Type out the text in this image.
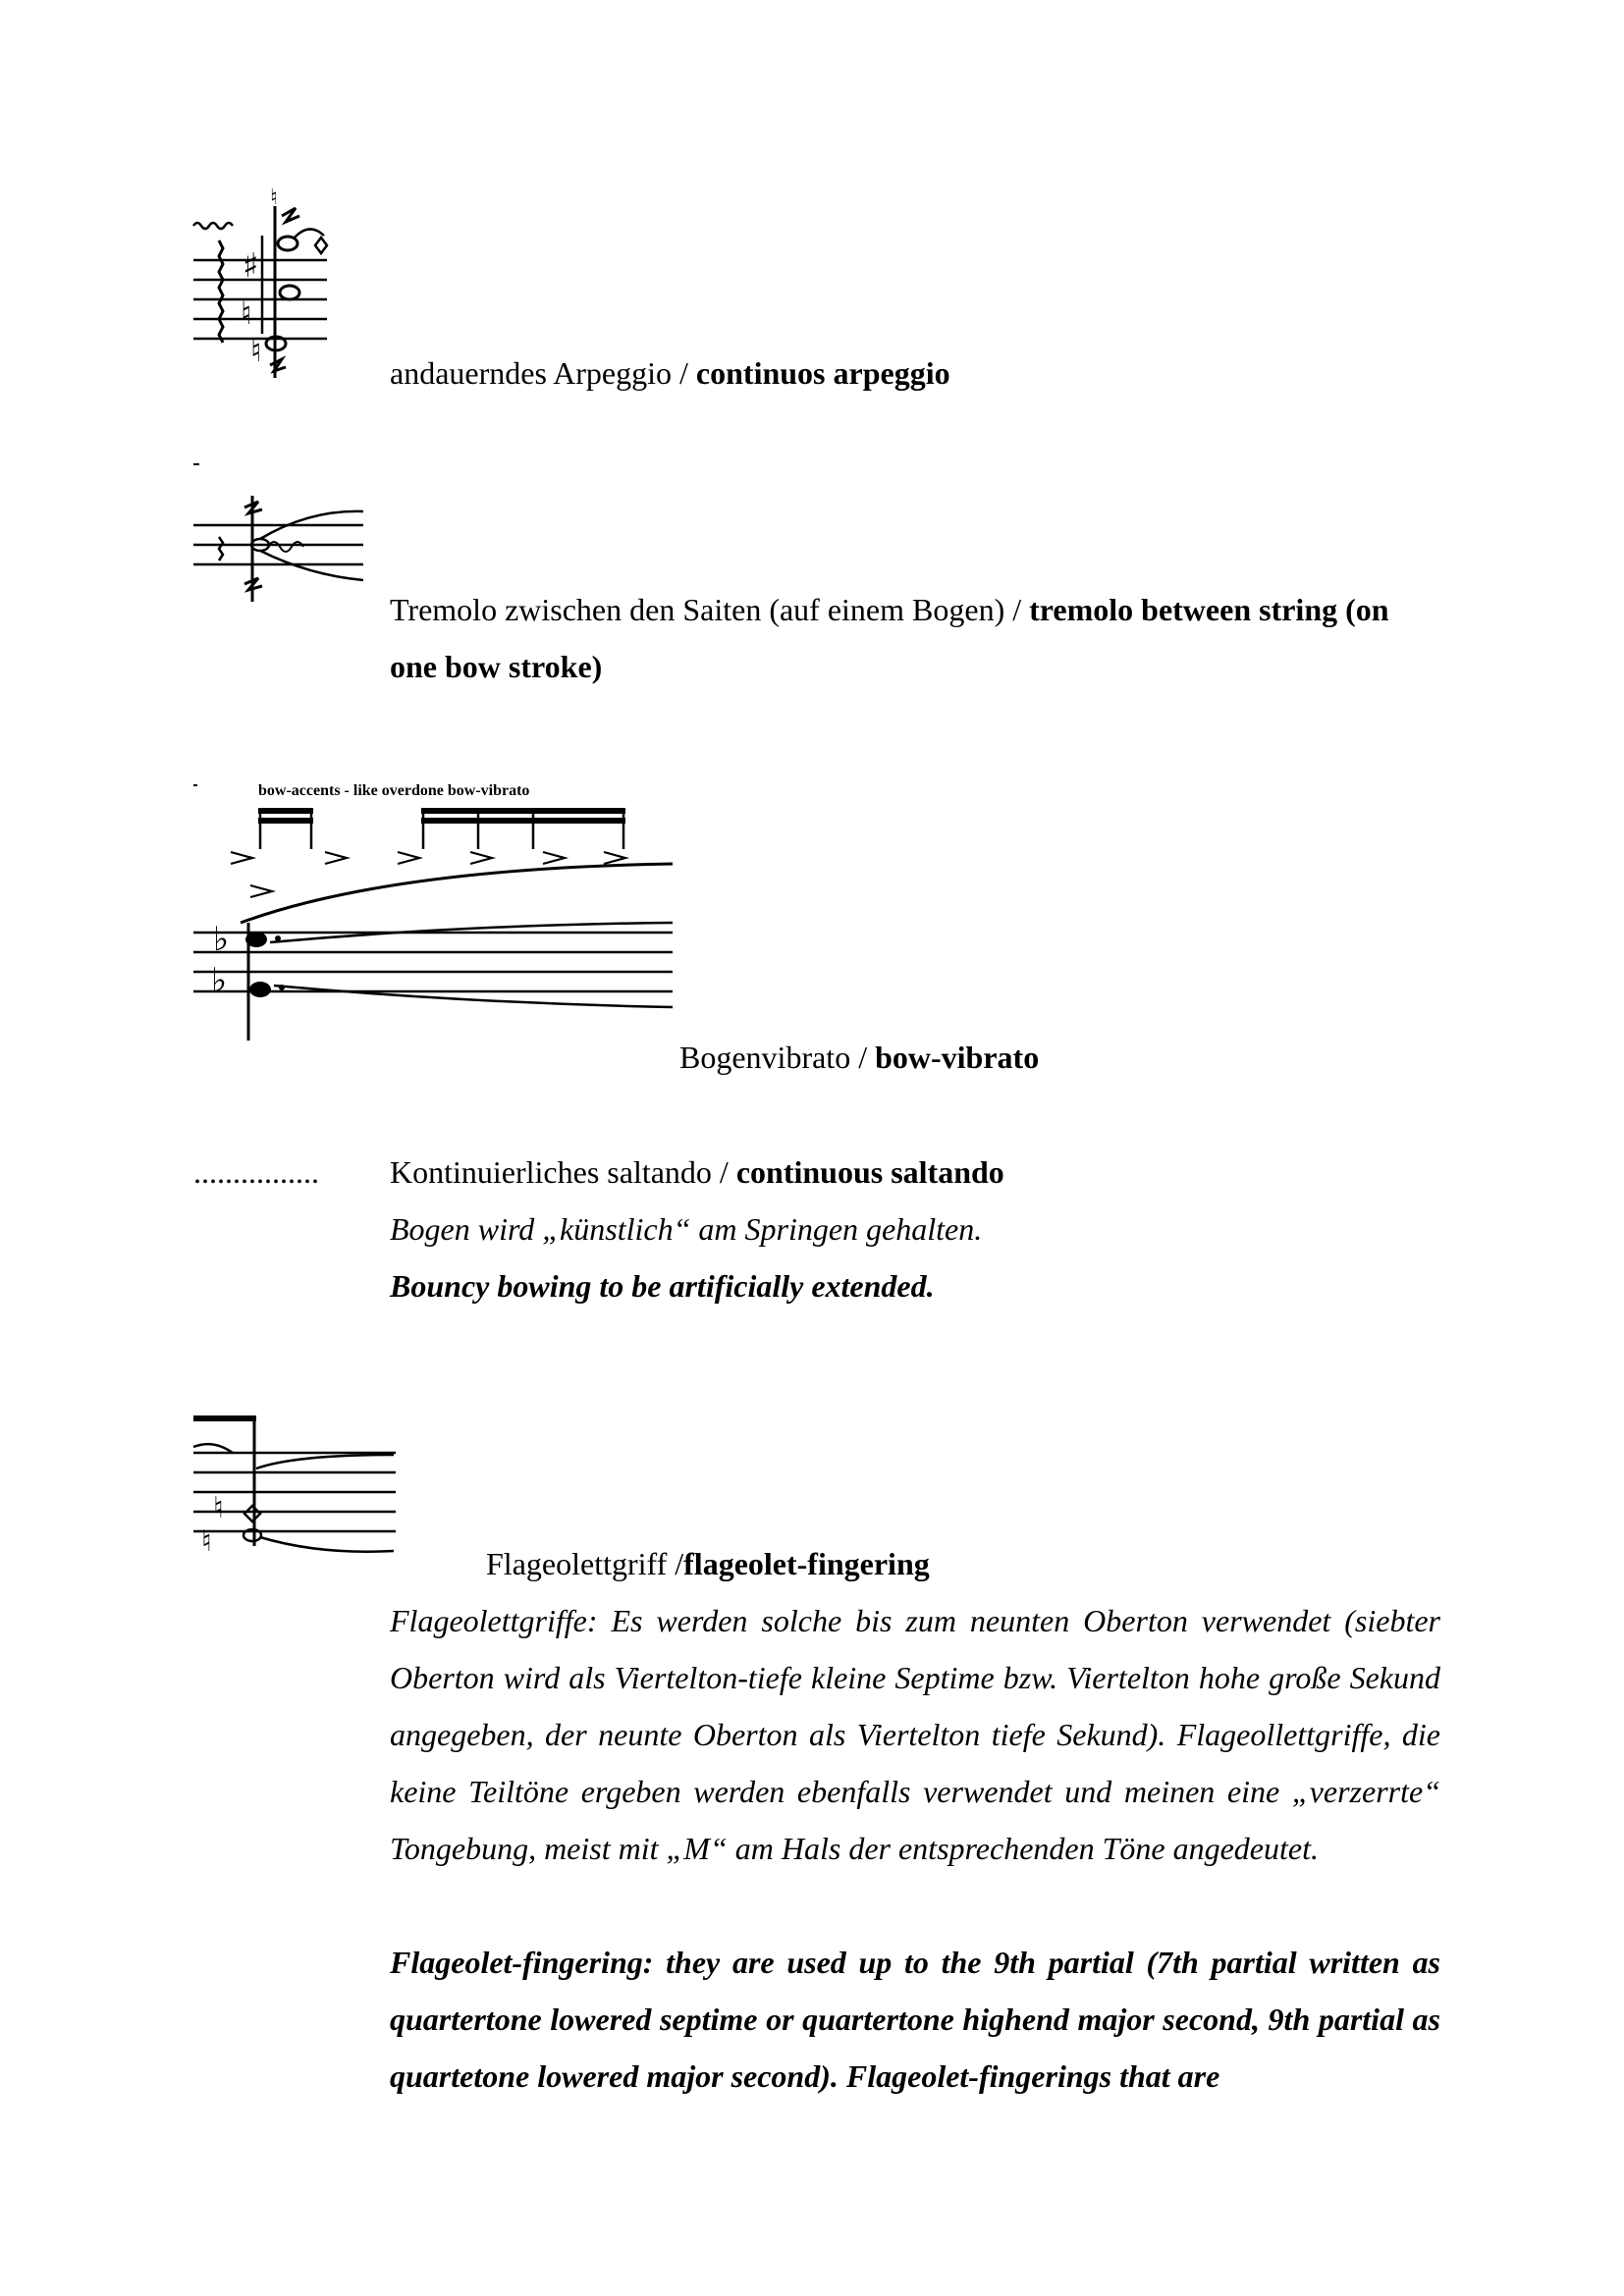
♯
♮
♮
♮
andauerndes Arpeggio / continuos arpeggio
Tremolo zwischen den Saiten (auf einem Bogen) / tremolo between string (on
one bow stroke)
bow-accents - like overdone bow-vibrato
♭
♭
Bogenvibrato / bow-vibrato
................ Kontinuierliches saltando / continuous saltando
Bogen wird „künstlich“ am Springen gehalten.
Bouncy bowing to be artificially extended.
♮
♮
Flageolettgriff /flageolet-fingering
Flageolettgriffe: Es werden solche bis zum neunten Oberton verwendet (siebter Oberton wird als Viertelton-tiefe kleine Septime bzw. Viertelton hohe große Sekund angegeben, der neunte Oberton als Viertelton tiefe Sekund). Flageollettgriffe, die keine Teiltöne ergeben werden ebenfalls verwendet und meinen eine „verzerrte“ Tongebung, meist mit „M“ am Hals der entsprechenden Töne angedeutet.
Flageolet-fingering: they are used up to the 9th partial (7th partial written as quartertone lowered septime or quartertone highend major second, 9th partial as quartetone lowered major second). Flageolet-fingerings that are
